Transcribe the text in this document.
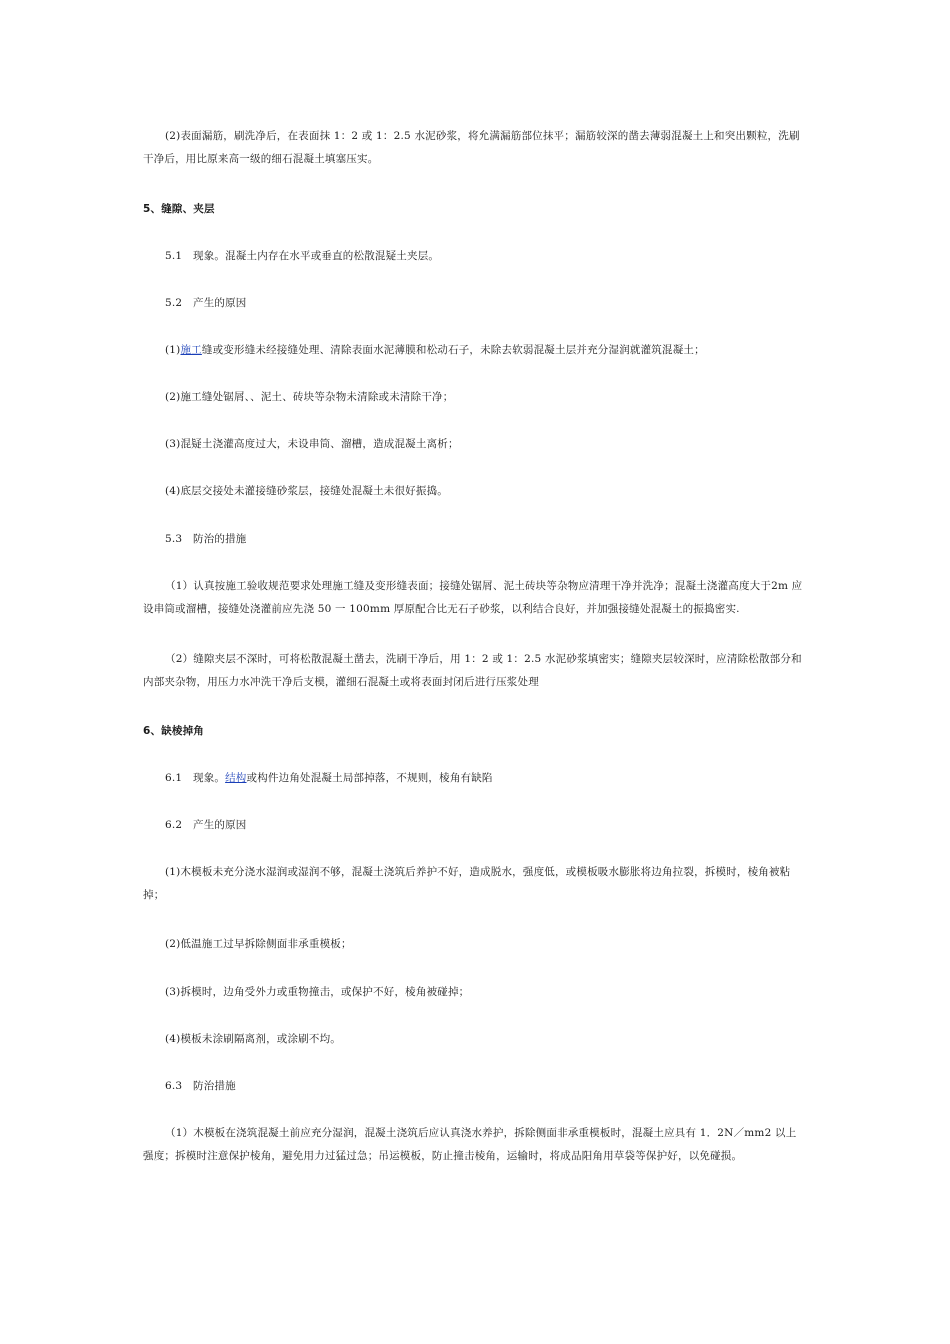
(2)表面漏筋，刷洗净后，在表面抹 1：2 或 1：2.5 水泥砂浆，将允满漏筋部位抹平；漏筋较深的凿去薄弱混凝土上和突出颗粒，洗刷干净后，用比原来高一级的细石混凝土填塞压实。
5、缝隙、夹层
5.1　现象。混凝土内存在水平或垂直的松散混疑土夹层。
5.2　产生的原因
(1)施工缝或变形缝未经接缝处理、清除表面水泥薄膜和松动石子，未除去软弱混凝土层并充分湿润就灌筑混凝土；
(2)施工缝处锯屑、、泥土、砖块等杂物未清除或未清除干净；
(3)混疑土浇灌高度过大，未设串筒、溜槽，造成混凝土离析；
(4)底层交接处未灌接缝砂浆层，接缝处混凝土未很好振捣。
5.3　防治的措施
（1）认真按施工验收规范要求处理施工缝及变形缝表面；接缝处锯屑、泥土砖块等杂物应清理干净并洗净；混凝土浇灌高度大于2m 应设串筒或溜槽，接缝处浇灌前应先浇 50 一 100mm 厚原配合比无石子砂浆，以利结合良好，并加强接缝处混凝土的振捣密实.
（2）缝隙夹层不深时，可将松散混凝土凿去，洗刷干净后，用 1：2 或 1：2.5 水泥砂浆填密实；缝隙夹层较深时，应清除松散部分和内部夹杂物，用压力水冲洗干净后支模，灌细石混凝土或将表面封闭后进行压浆处理
6、缺棱掉角
6.1　现象。结构或构件边角处混凝土局部掉落，不规则，棱角有缺陷
6.2　产生的原因
(1)木模板未充分浇水湿润或湿润不够，混凝土浇筑后养护不好，造成脱水，强度低，或模板吸水膨胀将边角拉裂，拆模时，棱角被粘掉；
(2)低温施工过早拆除侧面非承重模板；
(3)拆模时，边角受外力或重物撞击，或保护不好，棱角被碰掉；
(4)模板未涂刷隔离剂，或涂刷不均。
6.3　防治措施
（1）木模板在浇筑混凝土前应充分湿润，混凝土浇筑后应认真浇水养护，拆除侧面非承重模板时，混凝土应具有 1．2N／mm2 以上强度；拆模时注意保护棱角，避免用力过猛过急；吊运模板，防止撞击棱角，运输时，将成品阳角用草袋等保护好，以免碰损。
